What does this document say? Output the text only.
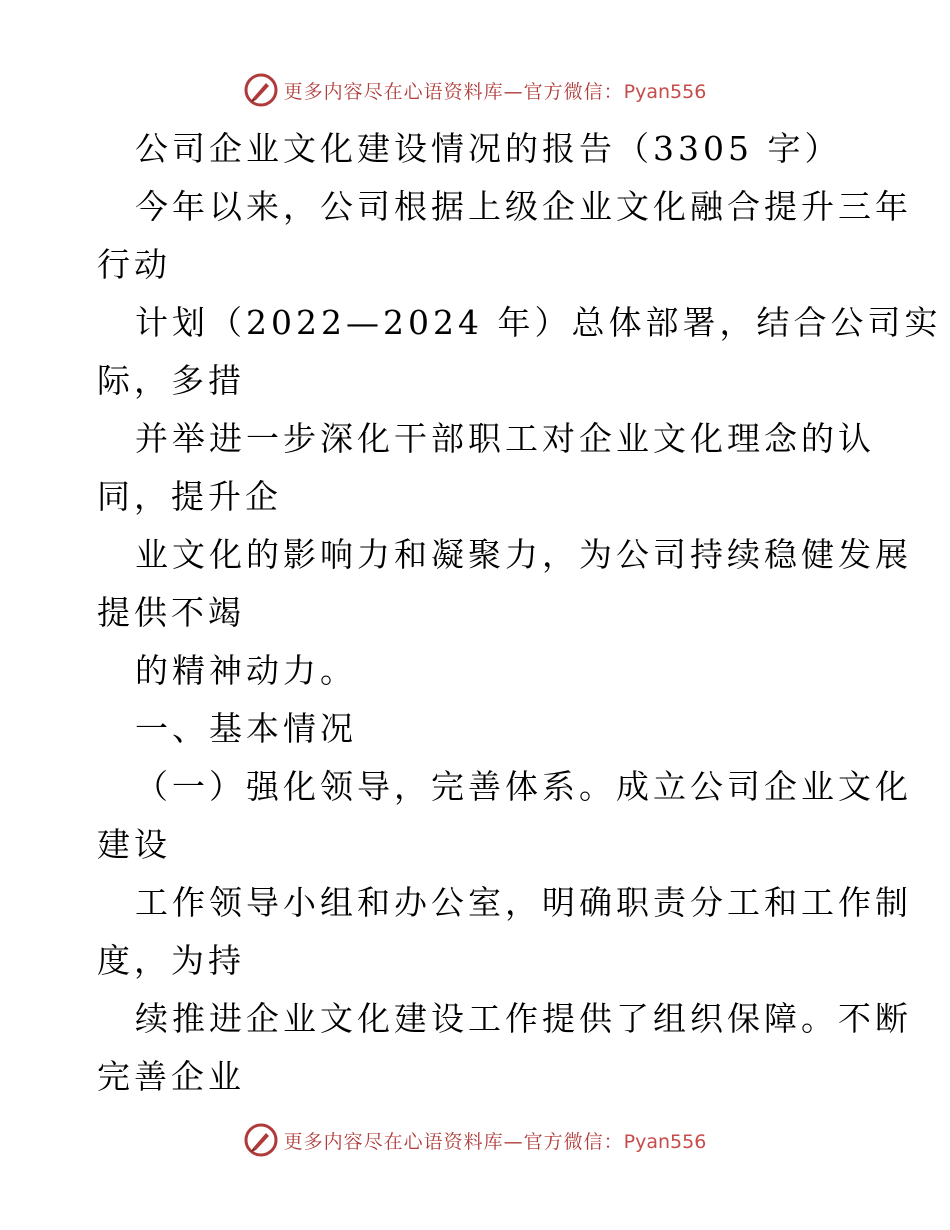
更多内容尽在心语资料库—官方微信：Pyan556
公司企业文化建设情况的报告（3305 字）
今年以来，公司根据上级企业文化融合提升三年
行动
计划（2022—2024 年）总体部署，结合公司实
际，多措
并举进一步深化干部职工对企业文化理念的认
同，提升企
业文化的影响力和凝聚力，为公司持续稳健发展
提供不竭
的精神动力。
一、基本情况
（一）强化领导，完善体系。成立公司企业文化
建设
工作领导小组和办公室，明确职责分工和工作制
度，为持
续推进企业文化建设工作提供了组织保障。不断
完善企业
更多内容尽在心语资料库—官方微信：Pyan556
